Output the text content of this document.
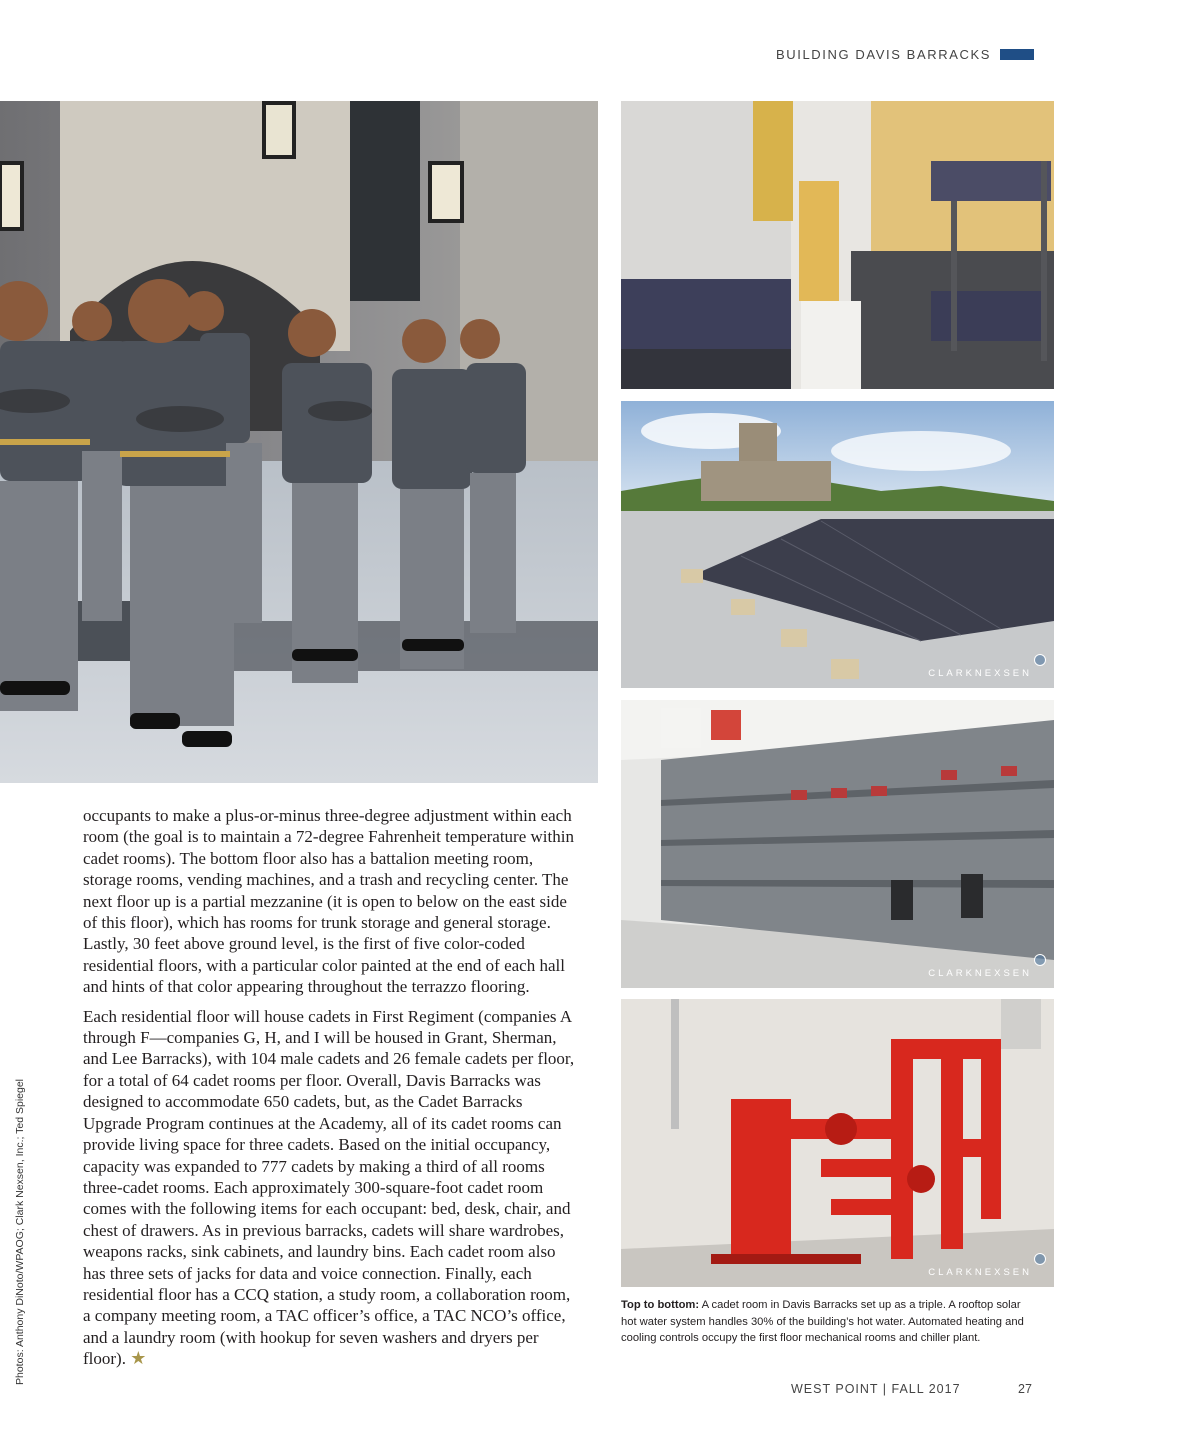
BUILDING DAVIS BARRACKS
CLARKNEXSEN
CLARKNEXSEN
CLARKNEXSEN

occupants to make a plus-or-minus three-degree adjustment within each room (the goal is to maintain a 72-degree Fahrenheit temperature within cadet rooms). The bottom floor also has a battalion meeting room, storage rooms, vending machines, and a trash and recycling center. The next floor up is a partial mezzanine (it is open to below on the east side of this floor), which has rooms for trunk storage and general storage. Lastly, 30 feet above ground level, is the first of five color-coded residential floors, with a particular color painted at the end of each hall and hints of that color appearing throughout the terrazzo flooring.

Each residential floor will house cadets in First Regiment (companies A through F—companies G, H, and I will be housed in Grant, Sherman, and Lee Barracks), with 104 male cadets and 26 female cadets per floor, for a total of 64 cadet rooms per floor. Overall, Davis Barracks was designed to accommodate 650 cadets, but, as the Cadet Barracks Upgrade Program continues at the Academy, all of its cadet rooms can provide living space for three cadets. Based on the initial occupancy, capacity was expanded to 777 cadets by making a third of all rooms three-cadet rooms. Each approximately 300-square-foot cadet room comes with the following items for each occupant: bed, desk, chair, and chest of drawers. As in previous barracks, cadets will share wardrobes, weapons racks, sink cabinets, and laundry bins. Each cadet room also has three sets of jacks for data and voice connection. Finally, each residential floor has a CCQ station, a study room, a collaboration room, a company meeting room, a TAC officer’s office, a TAC NCO’s office, and a laundry room (with hookup for seven washers and dryers per floor). ★

Photos: Anthony DiNoto/WPAOG; Clark Nexsen, Inc.; Ted Spiegel	Top to bottom: A cadet room in Davis Barracks set up as a triple. A rooftop solar hot water system handles 30% of the building’s hot water. Automated heating and cooling controls occupy the first floor mechanical rooms and chiller plant.
WEST POINT | FALL 2017	27
